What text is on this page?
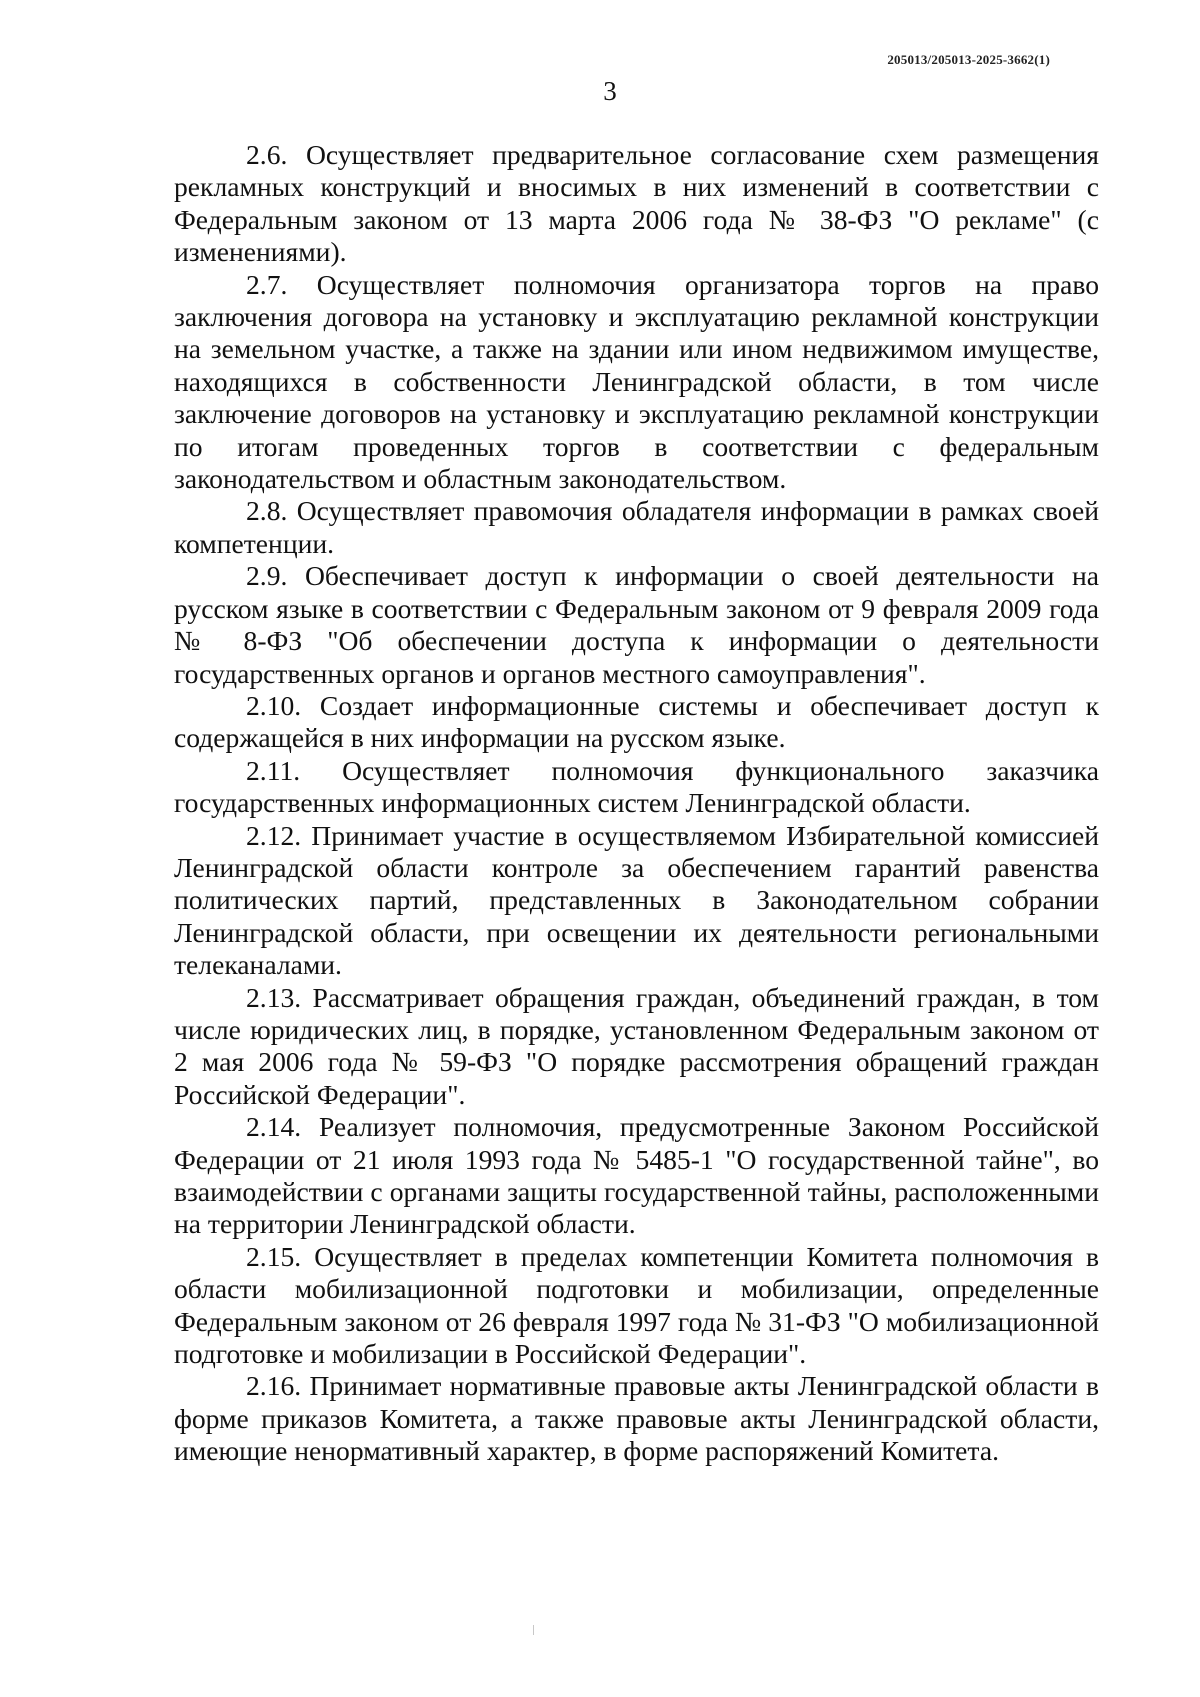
205013/205013-2025-3662(1)
3

2.6. Осуществляет предварительное согласование схем размещения рекламных конструкций и вносимых в них изменений в соответствии с Федеральным законом от 13 марта 2006 года № 38-ФЗ "О рекламе" (с изменениями).

2.7. Осуществляет полномочия организатора торгов на право заключения договора на установку и эксплуатацию рекламной конструкции на земельном участке, а также на здании или ином недвижимом имуществе, находящихся в собственности Ленинградской области, в том числе заключение договоров на установку и эксплуатацию рекламной конструкции по итогам проведенных торгов в соответствии с федеральным законодательством и областным законодательством.

2.8. Осуществляет правомочия обладателя информации в рамках своей компетенции.

2.9. Обеспечивает доступ к информации о своей деятельности на русском языке в соответствии с Федеральным законом от 9 февраля 2009 года № 8-ФЗ "Об обеспечении доступа к информации о деятельности государственных органов и органов местного самоуправления".

2.10. Создает информационные системы и обеспечивает доступ к содержащейся в них информации на русском языке.

2.11. Осуществляет полномочия функционального заказчика государственных информационных систем Ленинградской области.

2.12. Принимает участие в осуществляемом Избирательной комиссией Ленинградской области контроле за обеспечением гарантий равенства политических партий, представленных в Законодательном собрании Ленинградской области, при освещении их деятельности региональными телеканалами.

2.13. Рассматривает обращения граждан, объединений граждан, в том числе юридических лиц, в порядке, установленном Федеральным законом от 2 мая 2006 года № 59-ФЗ "О порядке рассмотрения обращений граждан Российской Федерации".

2.14. Реализует полномочия, предусмотренные Законом Российской Федерации от 21 июля 1993 года № 5485-1 "О государственной тайне", во взаимодействии с органами защиты государственной тайны, расположенными на территории Ленинградской области.

2.15. Осуществляет в пределах компетенции Комитета полномочия в области мобилизационной подготовки и мобилизации, определенные Федеральным законом от 26 февраля 1997 года № 31-ФЗ "О мобилизационной подготовке и мобилизации в Российской Федерации".

2.16. Принимает нормативные правовые акты Ленинградской области в форме приказов Комитета, а также правовые акты Ленинградской области, имеющие ненормативный характер, в форме распоряжений Комитета.
